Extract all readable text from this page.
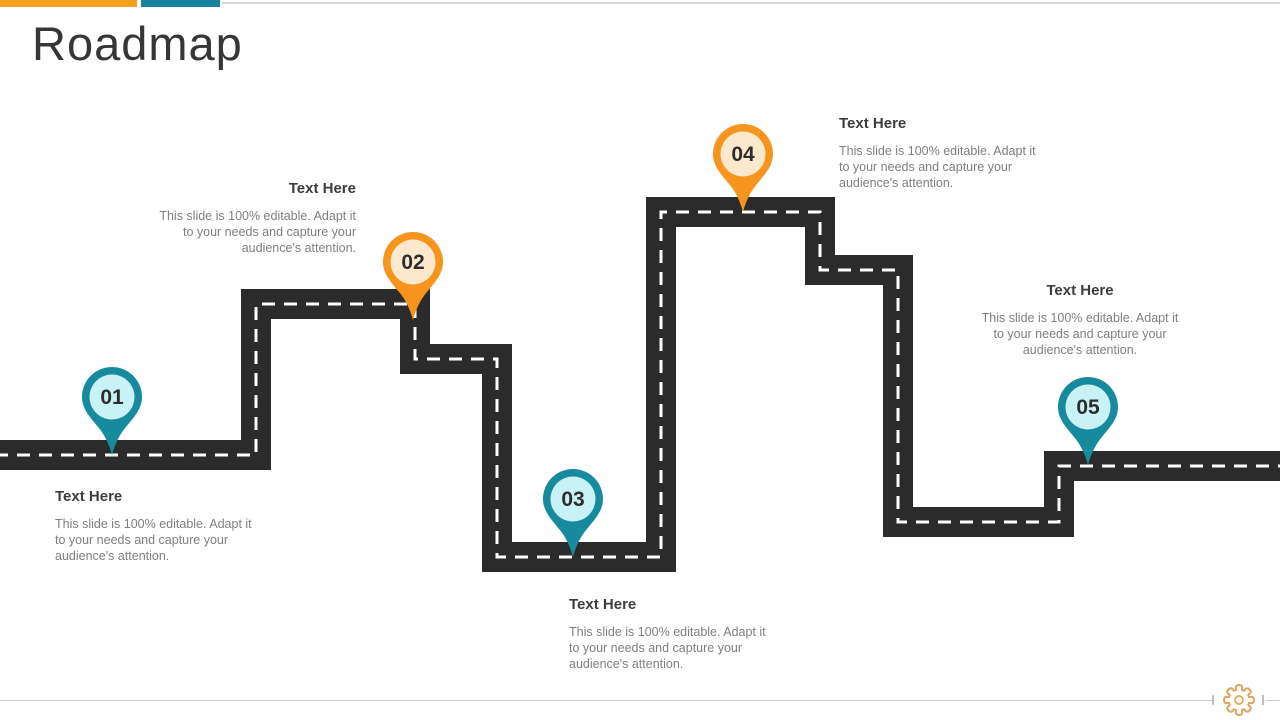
Roadmap
01
02
03
04
05
Text Here
This slide is 100% editable. Adapt it
to your needs and capture your
audience's attention.
Text Here
This slide is 100% editable. Adapt it
to your needs and capture your
audience's attention.
Text Here
This slide is 100% editable. Adapt it
to your needs and capture your
audience's attention.
Text Here
This slide is 100% editable. Adapt it
to your needs and capture your
audience's attention.
Text Here
This slide is 100% editable. Adapt it
to your needs and capture your
audience's attention.
